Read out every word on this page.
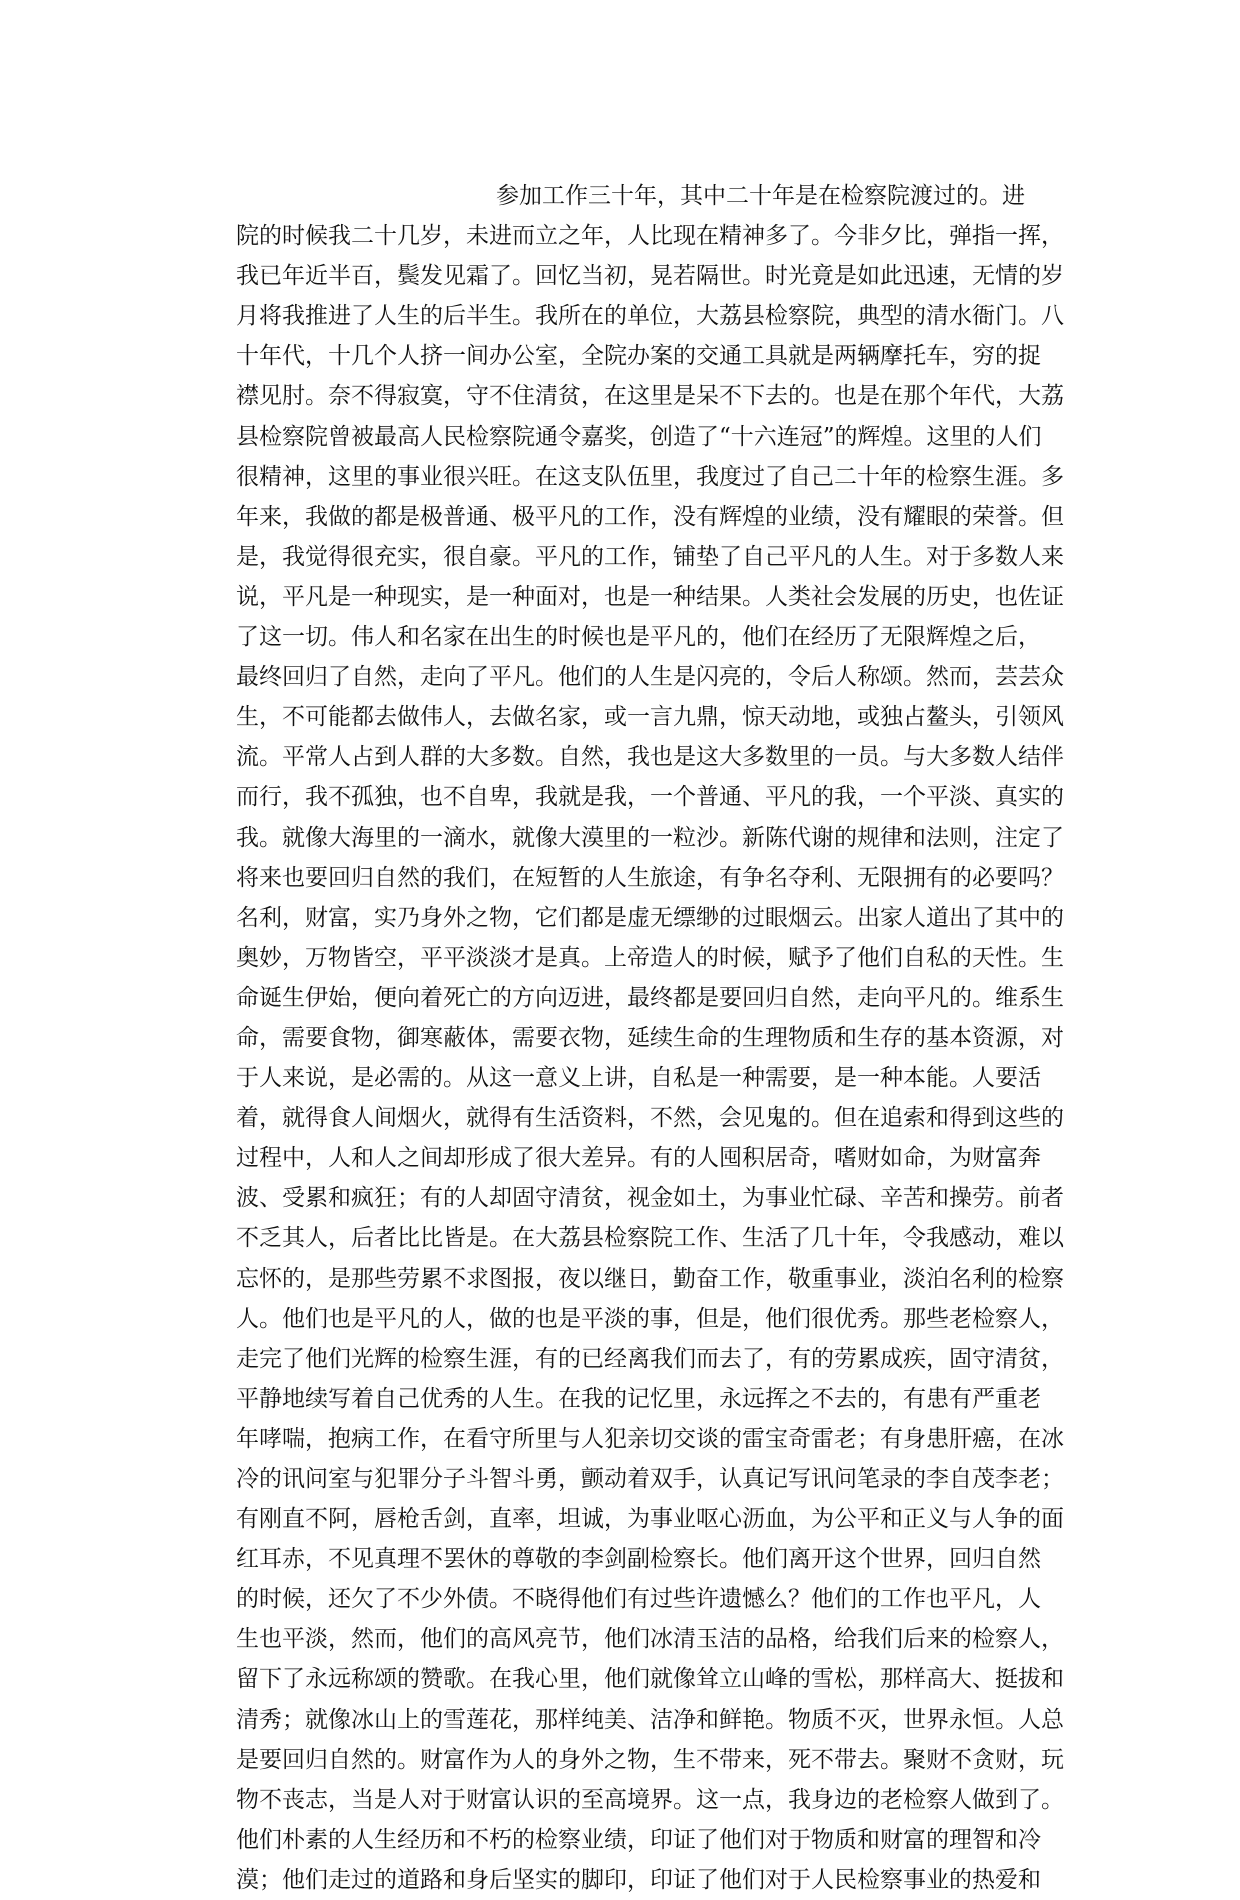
参加工作三十年，其中二十年是在检察院渡过的。进
院的时候我二十几岁，未进而立之年，人比现在精神多了。今非夕比，弹指一挥，
我已年近半百，鬓发见霜了。回忆当初，晃若隔世。时光竟是如此迅速，无情的岁
月将我推进了人生的后半生。我所在的单位，大荔县检察院，典型的清水衙门。八
十年代，十几个人挤一间办公室，全院办案的交通工具就是两辆摩托车，穷的捉
襟见肘。奈不得寂寞，守不住清贫，在这里是呆不下去的。也是在那个年代，大荔
县检察院曾被最高人民检察院通令嘉奖，创造了“十六连冠”的辉煌。这里的人们
很精神，这里的事业很兴旺。在这支队伍里，我度过了自己二十年的检察生涯。多
年来，我做的都是极普通、极平凡的工作，没有辉煌的业绩，没有耀眼的荣誉。但
是，我觉得很充实，很自豪。平凡的工作，铺垫了自己平凡的人生。对于多数人来
说，平凡是一种现实，是一种面对，也是一种结果。人类社会发展的历史，也佐证
了这一切。伟人和名家在出生的时候也是平凡的，他们在经历了无限辉煌之后，
最终回归了自然，走向了平凡。他们的人生是闪亮的，令后人称颂。然而，芸芸众
生，不可能都去做伟人，去做名家，或一言九鼎，惊天动地，或独占鳌头，引领风
流。平常人占到人群的大多数。自然，我也是这大多数里的一员。与大多数人结伴
而行，我不孤独，也不自卑，我就是我，一个普通、平凡的我，一个平淡、真实的
我。就像大海里的一滴水，就像大漠里的一粒沙。新陈代谢的规律和法则，注定了
将来也要回归自然的我们，在短暂的人生旅途，有争名夺利、无限拥有的必要吗？
名利，财富，实乃身外之物，它们都是虚无缥缈的过眼烟云。出家人道出了其中的
奥妙，万物皆空，平平淡淡才是真。上帝造人的时候，赋予了他们自私的天性。生
命诞生伊始，便向着死亡的方向迈进，最终都是要回归自然，走向平凡的。维系生
命，需要食物，御寒蔽体，需要衣物，延续生命的生理物质和生存的基本资源，对
于人来说，是必需的。从这一意义上讲，自私是一种需要，是一种本能。人要活
着，就得食人间烟火，就得有生活资料，不然，会见鬼的。但在追索和得到这些的
过程中，人和人之间却形成了很大差异。有的人囤积居奇，嗜财如命，为财富奔
波、受累和疯狂；有的人却固守清贫，视金如土，为事业忙碌、辛苦和操劳。前者
不乏其人，后者比比皆是。在大荔县检察院工作、生活了几十年，令我感动，难以
忘怀的，是那些劳累不求图报，夜以继日，勤奋工作，敬重事业，淡泊名利的检察
人。他们也是平凡的人，做的也是平淡的事，但是，他们很优秀。那些老检察人，
走完了他们光辉的检察生涯，有的已经离我们而去了，有的劳累成疾，固守清贫，
平静地续写着自己优秀的人生。在我的记忆里，永远挥之不去的，有患有严重老
年哮喘，抱病工作，在看守所里与人犯亲切交谈的雷宝奇雷老；有身患肝癌，在冰
冷的讯问室与犯罪分子斗智斗勇，颤动着双手，认真记写讯问笔录的李自茂李老；
有刚直不阿，唇枪舌剑，直率，坦诚，为事业呕心沥血，为公平和正义与人争的面
红耳赤，不见真理不罢休的尊敬的李剑副检察长。他们离开这个世界，回归自然
的时候，还欠了不少外债。不晓得他们有过些许遗憾么？他们的工作也平凡，人
生也平淡，然而，他们的高风亮节，他们冰清玉洁的品格，给我们后来的检察人，
留下了永远称颂的赞歌。在我心里，他们就像耸立山峰的雪松，那样高大、挺拔和
清秀；就像冰山上的雪莲花，那样纯美、洁净和鲜艳。物质不灭，世界永恒。人总
是要回归自然的。财富作为人的身外之物，生不带来，死不带去。聚财不贪财，玩
物不丧志，当是人对于财富认识的至高境界。这一点，我身边的老检察人做到了。
他们朴素的人生经历和不朽的检察业绩，印证了他们对于物质和财富的理智和冷
漠；他们走过的道路和身后坚实的脚印，印证了他们对于人民检察事业的热爱和
